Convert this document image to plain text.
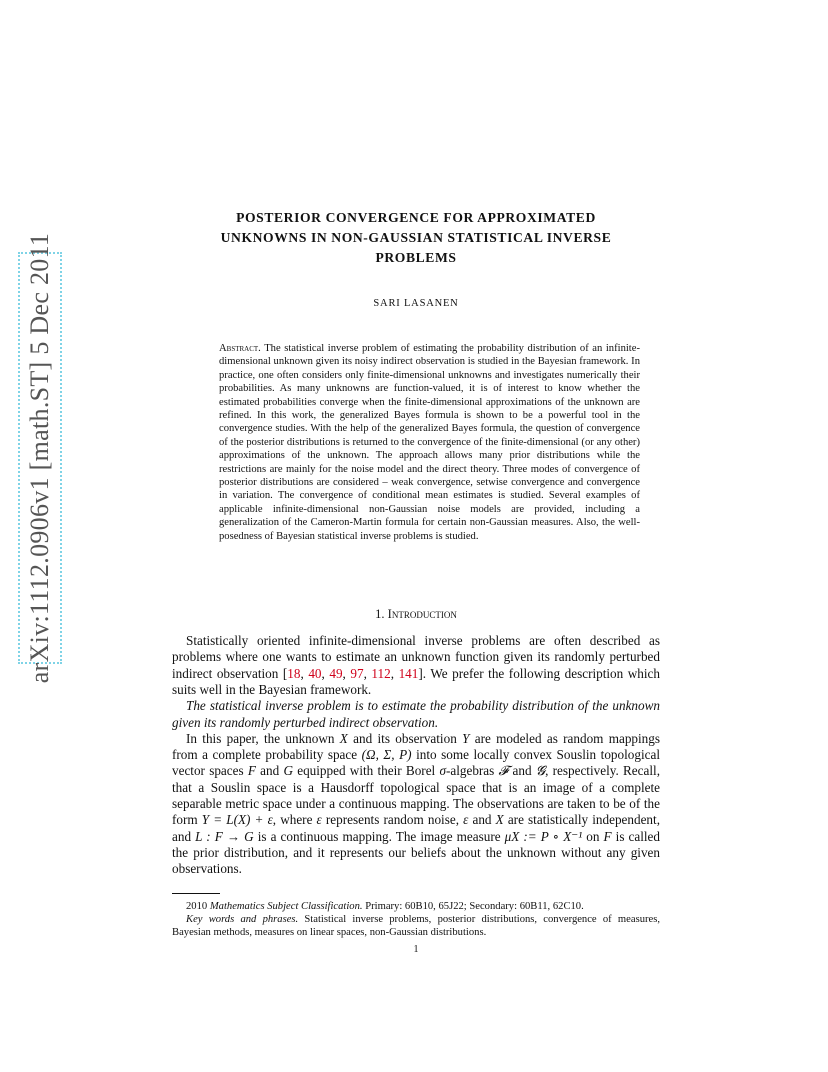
arXiv:1112.0906v1 [math.ST] 5 Dec 2011
POSTERIOR CONVERGENCE FOR APPROXIMATED
UNKNOWNS IN NON-GAUSSIAN STATISTICAL INVERSE
PROBLEMS
SARI LASANEN
Abstract. The statistical inverse problem of estimating the probability distribution of an infinite-dimensional unknown given its noisy indirect observation is studied in the Bayesian framework. In practice, one often considers only finite-dimensional unknowns and investigates numerically their probabilities. As many unknowns are function-valued, it is of interest to know whether the estimated probabilities converge when the finite-dimensional approximations of the unknown are refined. In this work, the generalized Bayes formula is shown to be a powerful tool in the convergence studies. With the help of the generalized Bayes formula, the question of convergence of the posterior distributions is returned to the convergence of the finite-dimensional (or any other) approximations of the unknown. The approach allows many prior distributions while the restrictions are mainly for the noise model and the direct theory. Three modes of convergence of posterior distributions are considered – weak convergence, setwise convergence and convergence in variation. The convergence of conditional mean estimates is studied. Several examples of applicable infinite-dimensional non-Gaussian noise models are provided, including a generalization of the Cameron-Martin formula for certain non-Gaussian measures. Also, the well-posedness of Bayesian statistical inverse problems is studied.
1. Introduction

Statistically oriented infinite-dimensional inverse problems are often described as problems where one wants to estimate an unknown function given its randomly perturbed indirect observation [18, 40, 49, 97, 112, 141]. We prefer the following description which suits well in the Bayesian framework.

The statistical inverse problem is to estimate the probability distribution of the unknown given its randomly perturbed indirect observation.

In this paper, the unknown X and its observation Y are modeled as random mappings from a complete probability space (Ω, Σ, P) into some locally convex Souslin topological vector spaces F and G equipped with their Borel σ-algebras 𝓕 and 𝓖, respectively. Recall, that a Souslin space is a Hausdorff topological space that is an image of a complete separable metric space under a continuous mapping. The observations are taken to be of the form Y = L(X) + ε, where ε represents random noise, ε and X are statistically independent, and L : F → G is a continuous mapping. The image measure μX := P ∘ X⁻¹ on F is called the prior distribution, and it represents our beliefs about the unknown without any given observations.

2010 Mathematics Subject Classification. Primary: 60B10, 65J22; Secondary: 60B11, 62C10.

Key words and phrases. Statistical inverse problems, posterior distributions, convergence of measures, Bayesian methods, measures on linear spaces, non-Gaussian distributions.

1
